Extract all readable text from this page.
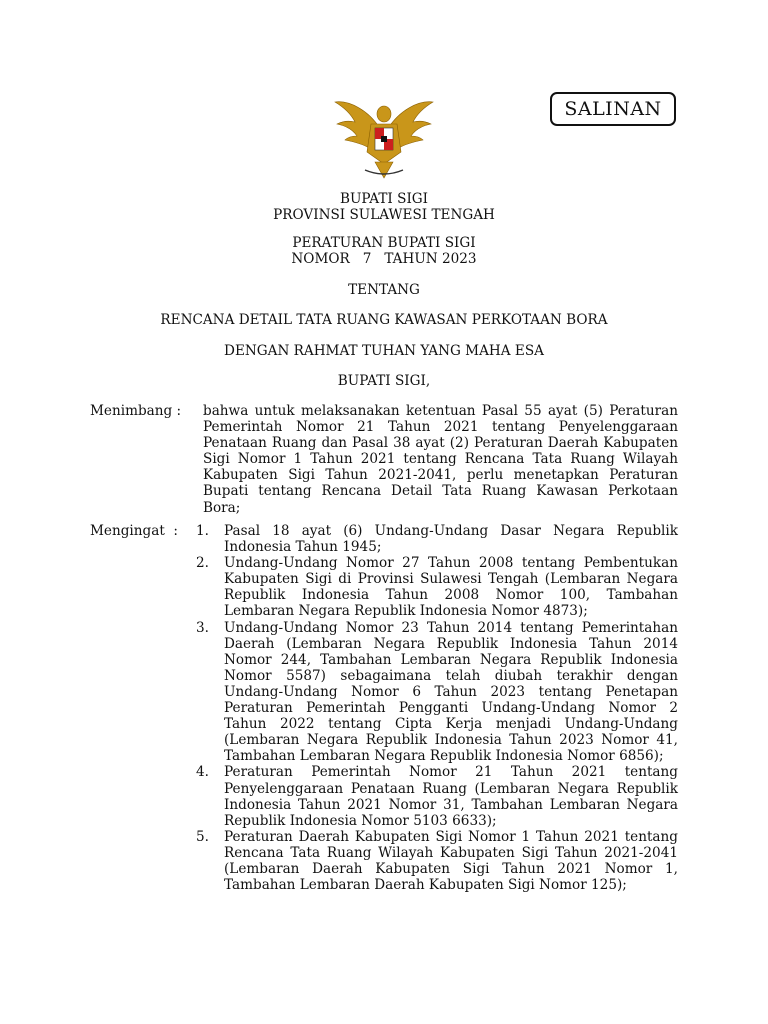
SALINAN
BUPATI SIGI
PROVINSI SULAWESI TENGAH
PERATURAN BUPATI SIGI
NOMOR   7   TAHUN 2023
TENTANG
RENCANA DETAIL TATA RUANG KAWASAN PERKOTAAN BORA
DENGAN RAHMAT TUHAN YANG MAHA ESA
BUPATI SIGI,
Menimbang : bahwa untuk melaksanakan ketentuan Pasal 55 ayat (5) Peraturan Pemerintah Nomor 21 Tahun 2021 tentang Penyelenggaraan Penataan Ruang dan Pasal 38 ayat (2) Peraturan Daerah Kabupaten Sigi Nomor 1 Tahun 2021 tentang Rencana Tata Ruang Wilayah Kabupaten Sigi Tahun 2021-2041, perlu menetapkan Peraturan Bupati tentang Rencana Detail Tata Ruang Kawasan Perkotaan Bora;
Mengingat  : 1.	Pasal 18 ayat (6) Undang-Undang Dasar Negara Republik Indonesia Tahun 1945;
2.	Undang-Undang Nomor 27 Tahun 2008 tentang Pembentukan Kabupaten Sigi di Provinsi Sulawesi Tengah (Lembaran Negara Republik Indonesia Tahun 2008 Nomor 100, Tambahan Lembaran Negara Republik Indonesia Nomor 4873);
3.	Undang-Undang Nomor 23 Tahun 2014 tentang Pemerintahan Daerah (Lembaran Negara Republik Indonesia Tahun 2014 Nomor 244, Tambahan Lembaran Negara Republik Indonesia Nomor 5587) sebagaimana telah diubah terakhir dengan Undang-Undang Nomor 6 Tahun 2023 tentang Penetapan Peraturan Pemerintah Pengganti Undang-Undang Nomor 2 Tahun 2022 tentang Cipta Kerja menjadi Undang-Undang (Lembaran Negara Republik Indonesia Tahun 2023 Nomor 41, Tambahan Lembaran Negara Republik Indonesia Nomor 6856);
4.	Peraturan Pemerintah Nomor 21 Tahun 2021 tentang Penyelenggaraan Penataan Ruang (Lembaran Negara Republik Indonesia Tahun 2021 Nomor 31, Tambahan Lembaran Negara Republik Indonesia Nomor 5103 6633);
5.	Peraturan Daerah Kabupaten Sigi Nomor 1 Tahun 2021 tentang Rencana Tata Ruang Wilayah Kabupaten Sigi Tahun 2021-2041 (Lembaran Daerah Kabupaten Sigi Tahun 2021 Nomor 1, Tambahan Lembaran Daerah Kabupaten Sigi Nomor 125);
